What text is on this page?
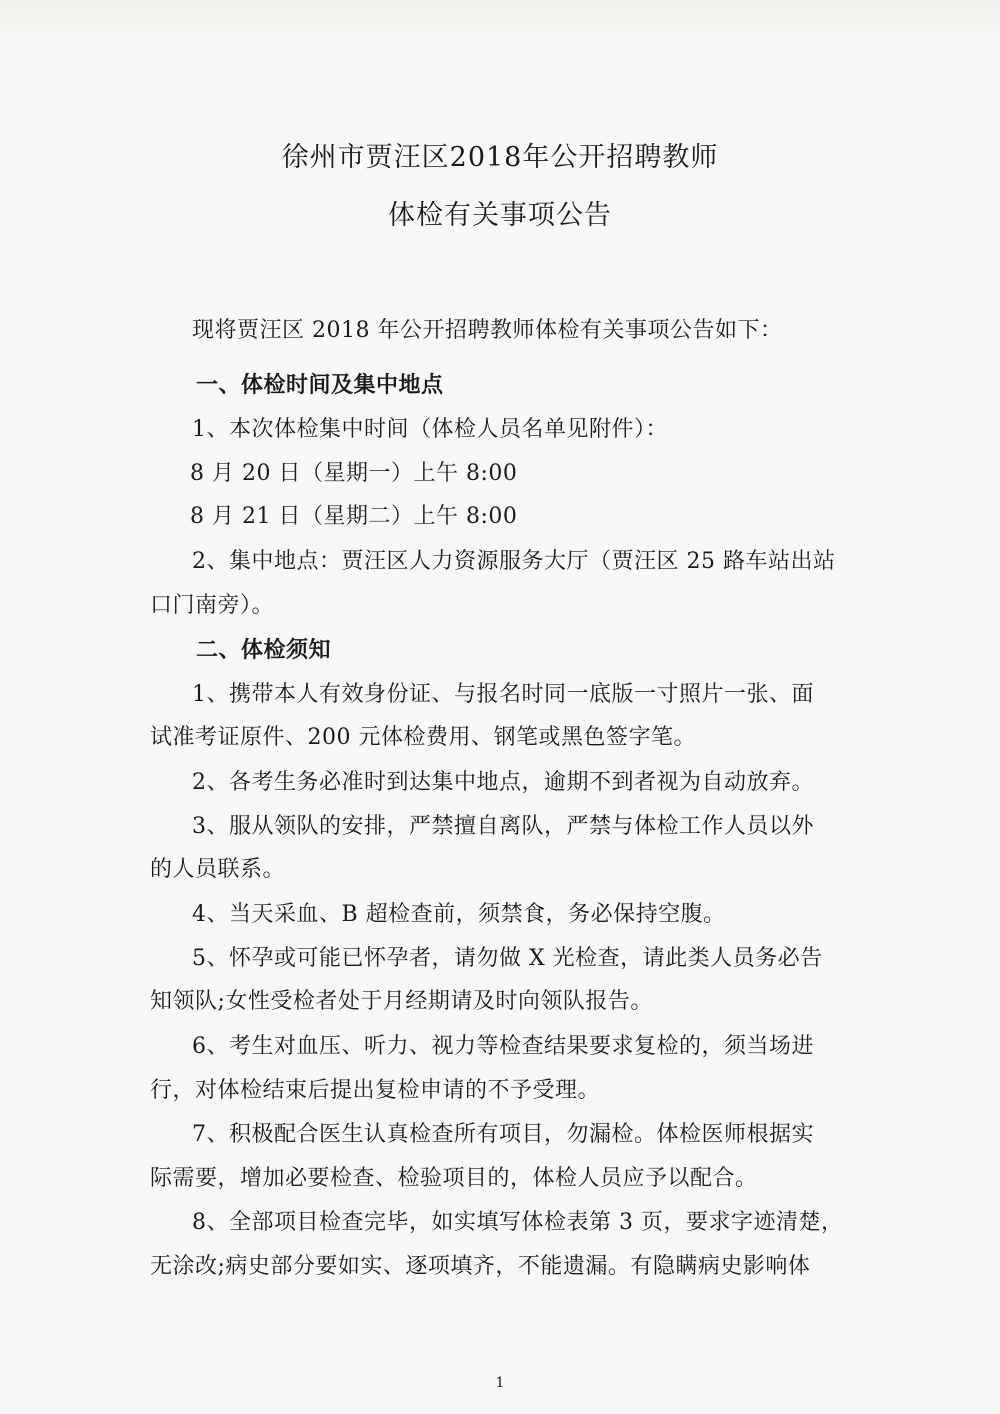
徐州市贾汪区2018年公开招聘教师
体检有关事项公告
现将贾汪区 2018 年公开招聘教师体检有关事项公告如下：
一、体检时间及集中地点
1、本次体检集中时间（体检人员名单见附件）：
8 月 20 日（星期一）上午 8:00
8 月 21 日（星期二）上午 8:00
2、集中地点：贾汪区人力资源服务大厅（贾汪区 25 路车站出站
口门南旁）。
二、体检须知
1、携带本人有效身份证、与报名时同一底版一寸照片一张、面
试准考证原件、200 元体检费用、钢笔或黑色签字笔。
2、各考生务必准时到达集中地点，逾期不到者视为自动放弃。
3、服从领队的安排，严禁擅自离队，严禁与体检工作人员以外
的人员联系。
4、当天采血、B 超检查前，须禁食，务必保持空腹。
5、怀孕或可能已怀孕者，请勿做 X 光检查，请此类人员务必告
知领队;女性受检者处于月经期请及时向领队报告。
6、考生对血压、听力、视力等检查结果要求复检的，须当场进
行，对体检结束后提出复检申请的不予受理。
7、积极配合医生认真检查所有项目，勿漏检。体检医师根据实
际需要，增加必要检查、检验项目的，体检人员应予以配合。
8、全部项目检查完毕，如实填写体检表第 3 页，要求字迹清楚，
无涂改;病史部分要如实、逐项填齐，不能遗漏。有隐瞒病史影响体
1
